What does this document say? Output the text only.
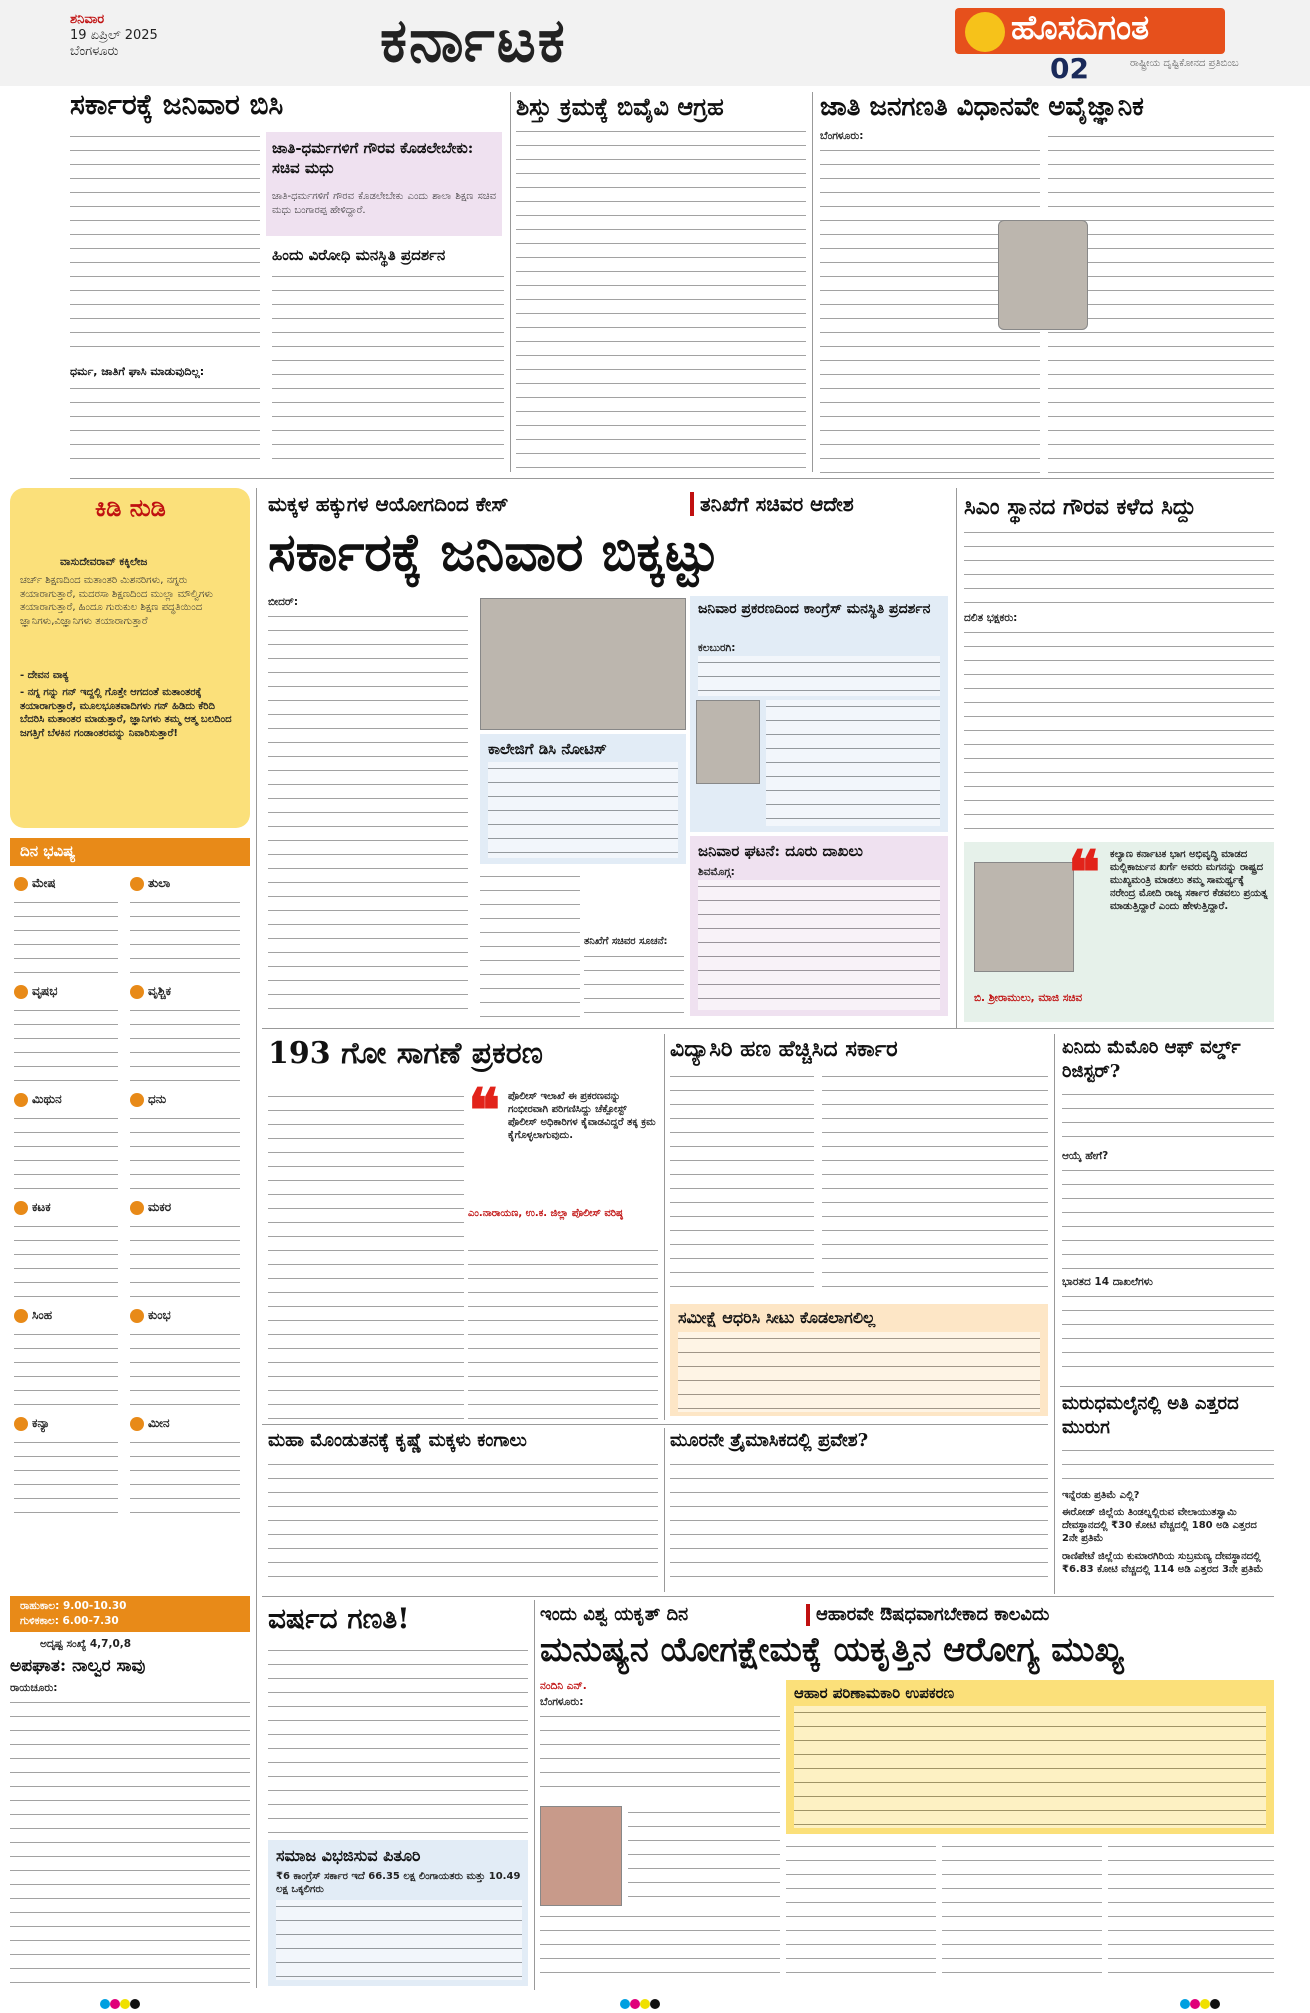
ಶನಿವಾರ
19 ಏಪ್ರಿಲ್ 2025
ಬೆಂಗಳೂರು	ಕರ್ನಾಟಕ	ಹೊಸದಿಗಂತ
02	ರಾಷ್ಟ್ರೀಯ ದೃಷ್ಟಿಕೋನದ ಪ್ರತಿಬಿಂಬ
ಸರ್ಕಾರಕ್ಕೆ ಜನಿವಾರ ಬಿಸಿ
ಧರ್ಮ, ಜಾತಿಗೆ ಘಾಸಿ ಮಾಡುವುದಿಲ್ಲ:
ಜಾತಿ-ಧರ್ಮಗಳಿಗೆ ಗೌರವ ಕೊಡಲೇಬೇಕು: ಸಚಿವ ಮಧು
ಜಾತಿ-ಧರ್ಮಗಳಿಗೆ ಗೌರವ ಕೊಡಲೇಬೇಕು ಎಂದು ಶಾಲಾ ಶಿಕ್ಷಣ ಸಚಿವ ಮಧು ಬಂಗಾರಪ್ಪ ಹೇಳಿದ್ದಾರೆ.
ಹಿಂದು ವಿರೋಧಿ ಮನಸ್ಥಿತಿ ಪ್ರದರ್ಶನ
ಶಿಸ್ತು ಕ್ರಮಕ್ಕೆ ಬಿವೈವಿ ಆಗ್ರಹ	ಜಾತಿ ಜನಗಣತಿ ವಿಧಾನವೇ ಅವೈಜ್ಞಾನಿಕ
ಬೆಂಗಳೂರು:
ಕಿಡಿ ನುಡಿ
ವಾಸುದೇವರಾವ್ ಕಕ್ಕಿಲೇಜ
ಚರ್ಚ್ ಶಿಕ್ಷಣದಿಂದ ಮತಾಂತರಿ ಮಿಶನರಿಗಳು, ನಗ್ನರು ತಯಾರಾಗುತ್ತಾರೆ, ಮದರಸಾ ಶಿಕ್ಷಣದಿಂದ ಮುಲ್ಲಾ ಮೌಲ್ವಿಗಳು ತಯಾರಾಗುತ್ತಾರೆ, ಹಿಂದೂ ಗುರುಕುಲ ಶಿಕ್ಷಣ ಪದ್ಧತಿಯಿಂದ ಜ್ಞಾನಿಗಳು,ವಿಜ್ಞಾನಿಗಳು ತಯಾರಾಗುತ್ತಾರೆ
- ದೇವನ ವಾಕ್ಯ
- ನಗ್ನ ಗನ್ನು ಗನ್ ಇದ್ದಲ್ಲಿ ಗೊತ್ತೇ ಆಗದಂತೆ ಮತಾಂತರಕ್ಕೆ ತಯಾರಾಗುತ್ತಾರೆ, ಮೂಲಭೂತವಾದಿಗಳು ಗನ್ ಹಿಡಿದು ಕೆರಿದಿ ಬೆದರಿಸಿ ಮತಾಂತರ ಮಾಡುತ್ತಾರೆ, ಜ್ಞಾನಿಗಳು ತಮ್ಮ ಆತ್ಮ ಬಲದಿಂದ ಜಗತ್ತಿಗೆ ಬೆಳಕಿನ ಗಂಡಾಂತರವನ್ನು ನಿವಾರಿಸುತ್ತಾರೆ!
ದಿನ ಭವಿಷ್ಯ
ಮೇಷ	ತುಲಾ
ವೃಷಭ	ವೃಶ್ಚಿಕ
ಮಿಥುನ	ಧನು
ಕಟಕ	ಮಕರ
ಸಿಂಹ	ಕುಂಭ
ಕನ್ಯಾ	ಮೀನ
ರಾಹುಕಾಲ: 9.00-10.30
ಗುಳಿಕಕಾಲ: 6.00-7.30
ಅದೃಷ್ಟ ಸಂಖ್ಯೆ 4,7,0,8
ಅಪಘಾತ: ನಾಲ್ವರ ಸಾವು
ರಾಯಚೂರು:
ಮಕ್ಕಳ ಹಕ್ಕುಗಳ ಆಯೋಗದಿಂದ ಕೇಸ್	ತನಿಖೆಗೆ ಸಚಿವರ ಆದೇಶ
ಸರ್ಕಾರಕ್ಕೆ ಜನಿವಾರ ಬಿಕ್ಕಟ್ಟು
ಬೀದರ್:
ಕಾಲೇಜಿಗೆ ಡಿಸಿ ನೋಟಿಸ್
ಜನಿವಾರ ಪ್ರಕರಣದಿಂದ ಕಾಂಗ್ರೆಸ್ ಮನಸ್ಥಿತಿ ಪ್ರದರ್ಶನ
ಕಲಬುರಗಿ:
ಜನಿವಾರ ಘಟನೆ: ದೂರು ದಾಖಲು
ಶಿವಮೊಗ್ಗ:
ತನಿಖೆಗೆ ಸಚಿವರ ಸೂಚನೆ:
ಸಿಎಂ ಸ್ಥಾನದ ಗೌರವ ಕಳೆದ ಸಿದ್ದು
ದಲಿತ ಭಕ್ಷಕರು:
❝ ಕಲ್ಯಾಣ ಕರ್ನಾಟಕ ಭಾಗ ಅಭಿವೃದ್ಧಿ ಮಾಡದ ಮಲ್ಲಿಕಾರ್ಜುನ ಖರ್ಗೆ ಅವರು ಮಗನನ್ನು ರಾಷ್ಟ್ರದ ಮುಖ್ಯಮಂತ್ರಿ ಮಾಡಲು ತಮ್ಮ ಸಾಮರ್ಥ್ಯಕ್ಕೆ ನರೇಂದ್ರ ಮೋದಿ ರಾಜ್ಯ ಸರ್ಕಾರ ಕೆಡವಲು ಪ್ರಯತ್ನ ಮಾಡುತ್ತಿದ್ದಾರೆ ಎಂದು ಹೇಳುತ್ತಿದ್ದಾರೆ.
ಬಿ. ಶ್ರೀರಾಮುಲು, ಮಾಜಿ ಸಚಿವ
193 ಗೋ ಸಾಗಣೆ ಪ್ರಕರಣ
❝ ಪೊಲೀಸ್ ಇಲಾಖೆ ಈ ಪ್ರಕರಣವನ್ನು ಗಂಭೀರವಾಗಿ ಪರಿಗಣಿಸಿದ್ದು ಚೆಕ್ಪೋಸ್ಟ್ ಪೊಲೀಸ್ ಅಧಿಕಾರಿಗಳ ಕೈವಾಡವಿದ್ದರೆ ತಕ್ಕ ಕ್ರಮ ಕೈಗೊಳ್ಳಲಾಗುವುದು.
ಎಂ.ನಾರಾಯಣ, ಉ.ಕ. ಜಿಲ್ಲಾ ಪೊಲೀಸ್ ವರಿಷ್ಠ
ವಿದ್ಯಾಸಿರಿ ಹಣ ಹೆಚ್ಚಿಸಿದ ಸರ್ಕಾರ
ಸಮೀಕ್ಷೆ ಆಧರಿಸಿ ಸೀಟು ಕೊಡಲಾಗಲಿಲ್ಲ
ಏನಿದು ಮೆಮೊರಿ ಆಫ್ ವರ್ಲ್ಡ್ ರಿಜಿಸ್ಟರ್?
ಆಯ್ಕೆ ಹೇಗೆ?
ಭಾರತದ 14 ದಾಖಲೆಗಳು
ಮರುಧಮಲೈನಲ್ಲಿ ಅತಿ ಎತ್ತರದ ಮುರುಗ
ಇನ್ನೆರಡು ಪ್ರತಿಮೆ ಎಲ್ಲಿ?
ಈರೋಡ್ ಜಿಲ್ಲೆಯ ತಿಂಡಲ್ನಲ್ಲಿರುವ ವೇಲಾಯುತಸ್ವಾಮಿ ದೇವಸ್ಥಾನದಲ್ಲಿ ₹30 ಕೋಟಿ ವೆಚ್ಚದಲ್ಲಿ 180 ಅಡಿ ಎತ್ತರದ 2ನೇ ಪ್ರತಿಮೆ
ರಾಣಿಪೇಟೆ ಜಿಲ್ಲೆಯ ಕುಮಾರಗಿರಿಯ ಸುಬ್ರಮಣ್ಯ ದೇವಸ್ಥಾನದಲ್ಲಿ ₹6.83 ಕೋಟಿ ವೆಚ್ಚದಲ್ಲಿ 114 ಅಡಿ ಎತ್ತರದ 3ನೇ ಪ್ರತಿಮೆ
ಮಹಾ ಮೊಂಡುತನಕ್ಕೆ ಕೃಷ್ಣೆ ಮಕ್ಕಳು ಕಂಗಾಲು	ಮೂರನೇ ತ್ರೈಮಾಸಿಕದಲ್ಲಿ ಪ್ರವೇಶ?
ವರ್ಷದ ಗಣತಿ!
ಸಮಾಜ ವಿಭಜಿಸುವ ಪಿತೂರಿ
₹6 ಕಾಂಗ್ರೆಸ್ ಸರ್ಕಾರ ಇದೆ 66.35 ಲಕ್ಷ ಲಿಂಗಾಯತರು ಮತ್ತು 10.49 ಲಕ್ಷ ಒಕ್ಕಲಿಗರು
ಇಂದು ವಿಶ್ವ ಯಕೃತ್ ದಿನ	ಆಹಾರವೇ ಔಷಧವಾಗಬೇಕಾದ ಕಾಲವಿದು
ಮನುಷ್ಯನ ಯೋಗಕ್ಷೇಮಕ್ಕೆ ಯಕೃತ್ತಿನ ಆರೋಗ್ಯ ಮುಖ್ಯ
ನಂದಿನಿ ಎನ್.
ಬೆಂಗಳೂರು:	ಆಹಾರ ಪರಿಣಾಮಕಾರಿ ಉಪಕರಣ
